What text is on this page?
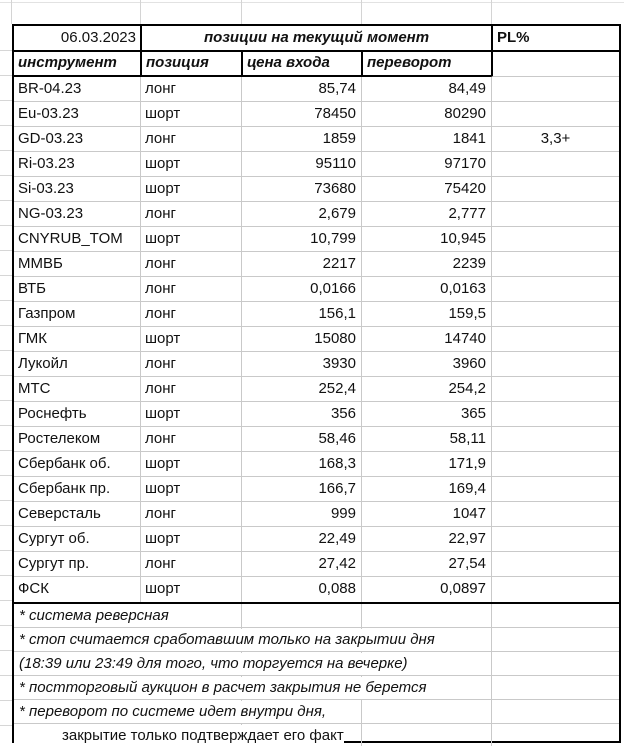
06.03.2023	позиции на текущий момент	PL%
инструмент	позиция	цена входа	переворот
BR-04.23	лонг	85,74	84,49
Eu-03.23	шорт	78450	80290
GD-03.23	лонг	1859	1841	3,3+
Ri-03.23	шорт	95110	97170
Si-03.23	шорт	73680	75420
NG-03.23	лонг	2,679	2,777
CNYRUB_TOM	шорт	10,799	10,945
ММВБ	лонг	2217	2239
ВТБ	лонг	0,0166	0,0163
Газпром	лонг	156,1	159,5
ГМК	шорт	15080	14740
Лукойл	лонг	3930	3960
МТС	лонг	252,4	254,2
Роснефть	шорт	356	365
Ростелеком	лонг	58,46	58,11
Сбербанк об.	шорт	168,3	171,9
Сбербанк пр.	шорт	166,7	169,4
Северсталь	лонг	999	1047
Сургут об.	шорт	22,49	22,97
Сургут пр.	лонг	27,42	27,54
ФСК	шорт	0,088	0,0897
* система реверсная
* стоп считается сработавшим только на закрытии дня
(18:39 или 23:49 для того, что торгуется на вечерке)
* постторговый аукцион в расчет закрытия не берется
* переворот по системе идет внутри дня,
закрытие только подтверждает его факт
